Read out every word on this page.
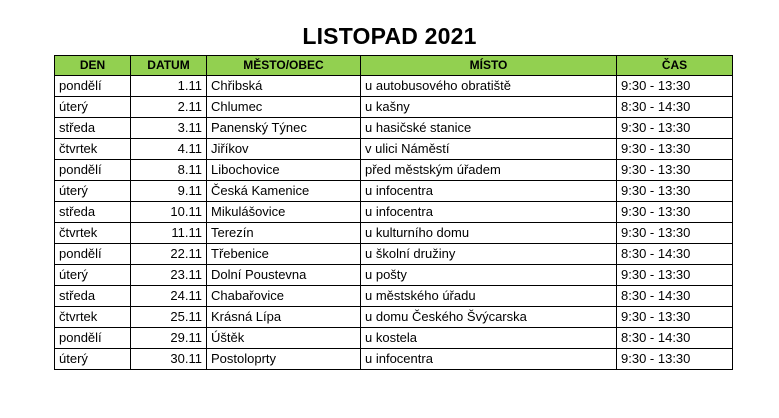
LISTOPAD 2021
DEN	DATUM	MĚSTO/OBEC	MÍSTO	ČAS
pondělí	1.11	Chřibská	u autobusového obratiště	9:30 - 13:30
úterý	2.11	Chlumec	u kašny	8:30 - 14:30
středa	3.11	Panenský Týnec	u hasičské stanice	9:30 - 13:30
čtvrtek	4.11	Jiříkov	v ulici Náměstí	9:30 - 13:30
pondělí	8.11	Libochovice	před městským úřadem	9:30 - 13:30
úterý	9.11	Česká Kamenice	u infocentra	9:30 - 13:30
středa	10.11	Mikulášovice	u infocentra	9:30 - 13:30
čtvrtek	11.11	Terezín	u kulturního domu	9:30 - 13:30
pondělí	22.11	Třebenice	u školní družiny	8:30 - 14:30
úterý	23.11	Dolní Poustevna	u pošty	9:30 - 13:30
středa	24.11	Chabařovice	u městského úřadu	8:30 - 14:30
čtvrtek	25.11	Krásná Lípa	u domu Českého Švýcarska	9:30 - 13:30
pondělí	29.11	Úštěk	u kostela	8:30 - 14:30
úterý	30.11	Postoloprty	u infocentra	9:30 - 13:30
